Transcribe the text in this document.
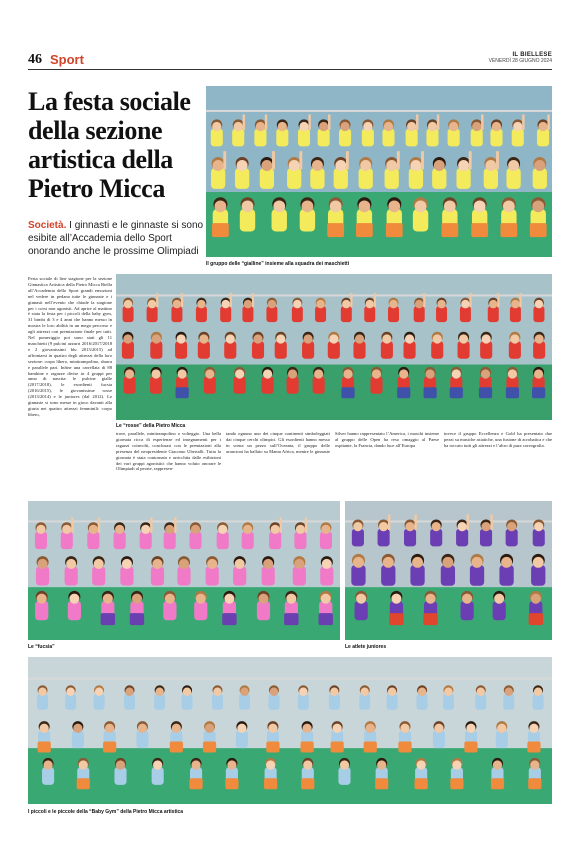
46 Sport	IL BIELLESE
VENERDÌ 28 GIUGNO 2024
La festa sociale della sezione artistica della Pietro Micca

Società. I ginnasti e le ginnaste si sono esibite all’Accademia dello Sport onorando anche le prossime Olimpiadi

Il gruppo delle “gialline” insieme alla squadra dei maschietti
Le “rosse” della Pietro Micca
Le “fucsia”	Le atlete juniores
I piccoli e le piccole della “Baby Gym” della Pietro Micca artistica
Festa sociale di fine stagione per la sezione Ginnastica Artistica della Pietro Micca Biella all’Accademia dello Sport grandi emozioni nel vedere in pedana tutte le ginnaste e i ginnasti nell’evento che chiude la stagione per i corsi non agonisti. Ad aprire al mattino è stata la festa per i piccoli della baby gym, 31 bimbi di 3 e 4 anni che hanno messo in mostra le loro abilità in un mega percorso e agli attrezzi con premiazione finale per tutti. Nel pomeriggio poi sono stati gli 11 maschietti (9 pulcini azzurri 2016/2017/2018 e 2 giovanissimi blu 2013/2015) ad affrontarsi in quattro degli attrezzi della loro sezione: corpo libero, minitrampolino, sbarra e parallele pari. Infine una carrellata di 88 bambine e ragazze divise in 4 gruppi per anno di nascita: le pulcine gialle (2017/2018), le esordienti fucsia (2016/2015), le giovanissime rosse (2013/2014) e le juniores (dal 2012). Le ginnaste si sono messe in gioco davanti alla giuria nei quattro attrezzi femminili: corpo libero,
trave, parallele, minitrampolino o volteggio. Una bella giornata ricca di esperienze ed insegnamenti per i ragazzi coinvolti, conclusasi con le premiazioni alla presenza del neopresidente Giacomo Ubertalli. Tutta la giornata è stata contornata e arricchita dalle esibizioni dei vari gruppi agonistici che hanno voluto onorare le Olimpiadi al peorte, rappresen-
tando ognuno uno dei cinque continenti simboleggiati dai cinque cerchi olimpici. Gli esordienti hanno messo in scena un pezzo sull’Oceania, il gruppo delle arancioni ha ballato su Mama Africa, mentre le ginnaste Silver hanno rappresentato l’America, i maschi insieme al gruppo delle Open ha reso omaggio al Paese ospitante, la Francia, dando luce all’Europa
invece il gruppo Eccellenza e Gold ha presentato due pezzi su musiche asiatiche, una fusione di acrobatica e che ha toccato tutti gli attrezzi e l’altro di pura coreografia.
